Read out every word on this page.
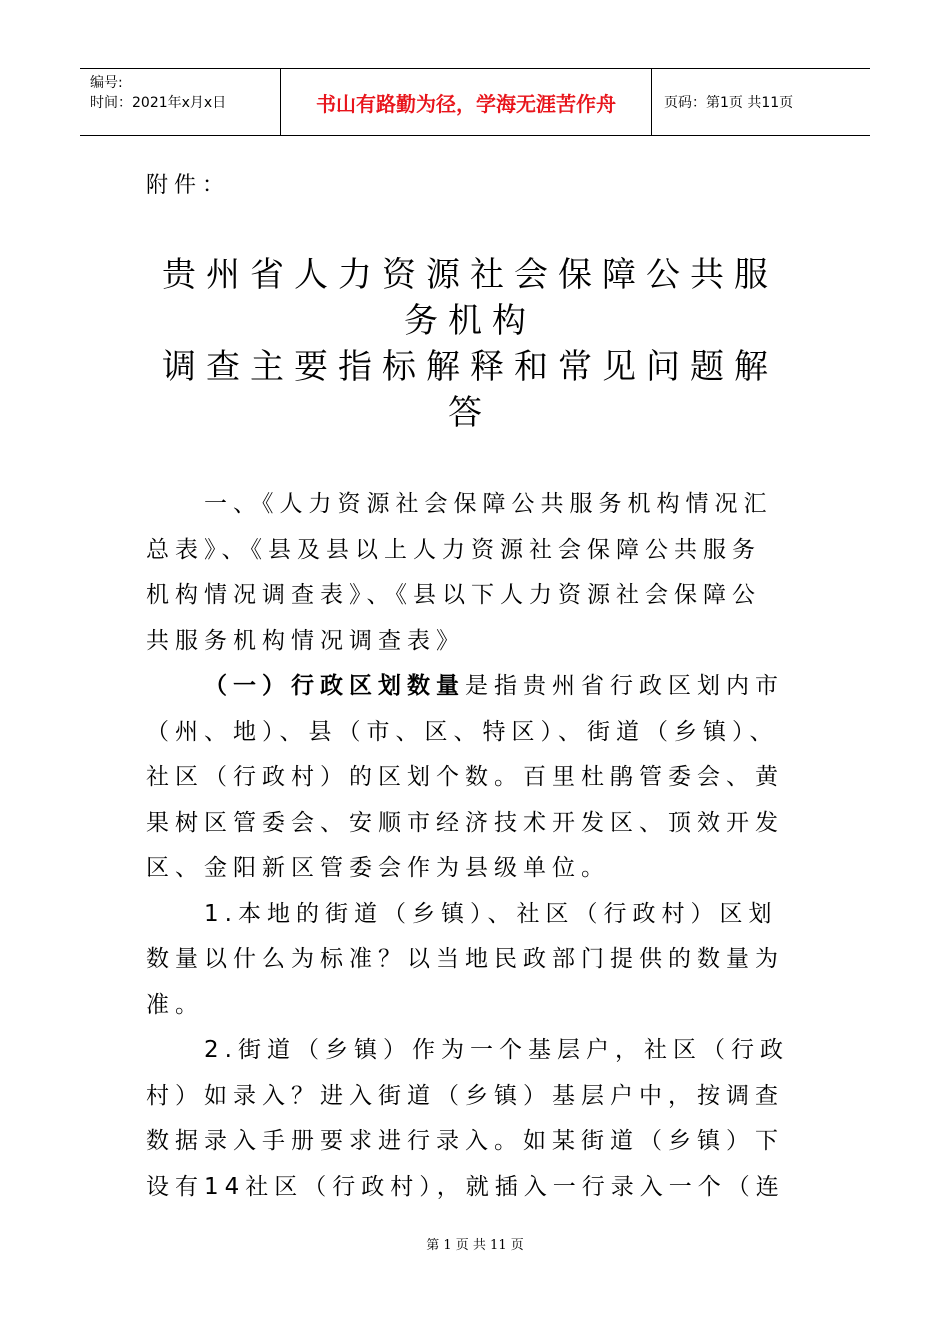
编号:
时间：2021年x月x日	书山有路勤为径，学海无涯苦作舟	页码：第1页 共11页
附件：
贵州省人力资源社会保障公共服
务机构
调查主要指标解释和常见问题解
答
一、《人力资源社会保障公共服务机构情况汇
总表》、《县及县以上人力资源社会保障公共服务
机构情况调查表》、《县以下人力资源社会保障公
共服务机构情况调查表》
（一）行政区划数量是指贵州省行政区划内市
（州、地）、县（市、区、特区）、街道（乡镇）、
社区（行政村）的区划个数。百里杜鹃管委会、黄
果树区管委会、安顺市经济技术开发区、顶效开发
区、金阳新区管委会作为县级单位。
1.本地的街道（乡镇）、社区（行政村）区划
数量以什么为标准？以当地民政部门提供的数量为
准。
2.街道（乡镇）作为一个基层户，社区（行政
村）如录入？进入街道（乡镇）基层户中，按调查
数据录入手册要求进行录入。如某街道（乡镇）下
设有14社区（行政村），就插入一行录入一个（连
第 1 页 共 11 页
